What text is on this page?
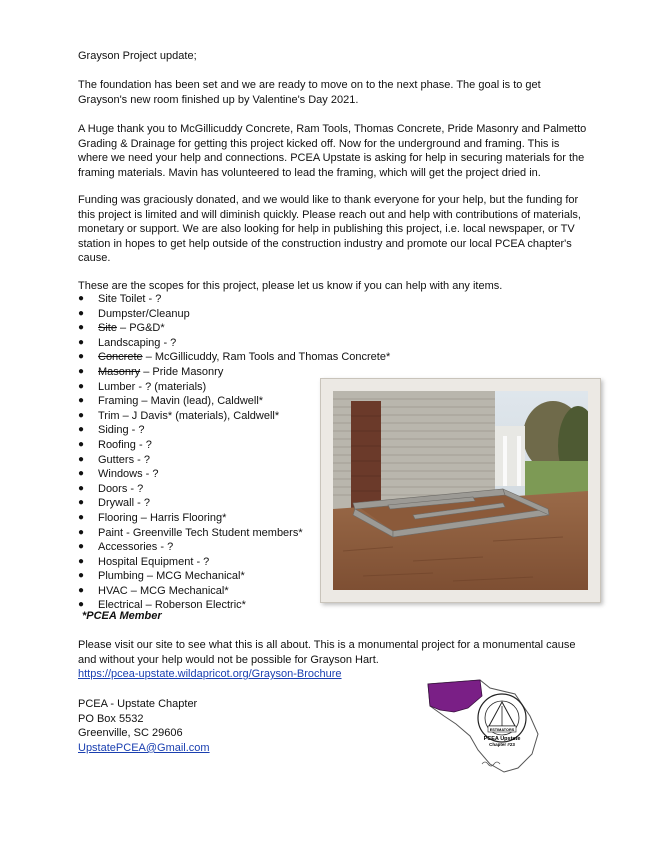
Grayson Project update;

The foundation has been set and we are ready to move on to the next phase. The goal is to get Grayson's new room finished up by Valentine's Day 2021.

A Huge thank you to McGillicuddy Concrete, Ram Tools, Thomas Concrete, Pride Masonry and Palmetto Grading & Drainage for getting this project kicked off. Now for the underground and framing. This is where we need your help and connections. PCEA Upstate is asking for help in securing materials for the framing materials. Mavin has volunteered to lead the framing, which will get the project dried in.

Funding was graciously donated, and we would like to thank everyone for your help, but the funding for this project is limited and will diminish quickly. Please reach out and help with contributions of materials, monetary or support. We are also looking for help in publishing this project, i.e. local newspaper, or TV station in hopes to get help outside of the construction industry and promote our local PCEA chapter's cause.

These are the scopes for this project, please let us know if you can help with any items.

● Site Toilet - ?
● Dumpster/Cleanup
● Site – PG&D*
● Landscaping - ?
● Concrete – McGillicuddy, Ram Tools and Thomas Concrete*
● Masonry – Pride Masonry
● Lumber - ? (materials)
● Framing – Mavin (lead), Caldwell*
● Trim – J Davis* (materials), Caldwell*
● Siding - ?
● Roofing - ?
● Gutters - ?
● Windows - ?
● Doors - ?
● Drywall - ?
● Flooring – Harris Flooring*
● Paint - Greenville Tech Student members*
● Accessories - ?
● Hospital Equipment - ?
● Plumbing – MCG Mechanical*
● HVAC – MCG Mechanical*
● Electrical – Roberson Electric*

*PCEA Member

Please visit our site to see what this is all about. This is a monumental project for a monumental cause and without your help would not be possible for Grayson Hart.

https://pcea-upstate.wildapricot.org/Grayson-Brochure

PCEA - Upstate Chapter
PO Box 5532
Greenville, SC 29606
UpstatePCEA@Gmail.com
ESTIMATORS
PCEA Upstate
Chapter #23
